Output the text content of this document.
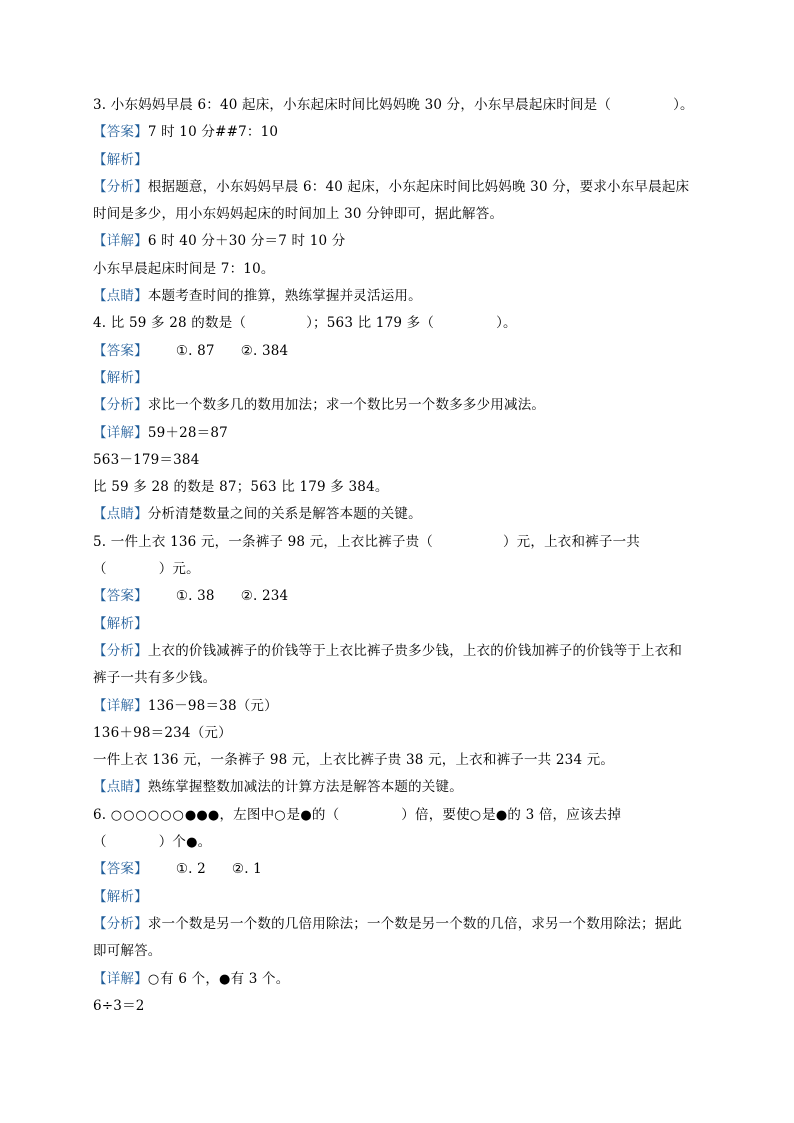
3. 小东妈妈早晨 6：40 起床，小东起床时间比妈妈晚 30 分，小东早晨起床时间是（	）。
【答案】7 时 10 分##7：10
【解析】
【分析】根据题意，小东妈妈早晨 6：40 起床，小东起床时间比妈妈晚 30 分，要求小东早晨起床
时间是多少，用小东妈妈起床的时间加上 30 分钟即可，据此解答。
【详解】6 时 40 分＋30 分＝7 时 10 分
小东早晨起床时间是 7：10。
【点睛】本题考查时间的推算，熟练掌握并灵活运用。
4. 比 59 多 28 的数是（	）；563 比 179 多（	）。
【答案】 ①. 87 ②. 384
【解析】
【分析】求比一个数多几的数用加法；求一个数比另一个数多多少用减法。
【详解】59＋28＝87
563－179＝384
比 59 多 28 的数是 87；563 比 179 多 384。
【点睛】分析清楚数量之间的关系是解答本题的关键。
5. 一件上衣 136 元，一条裤子 98 元，上衣比裤子贵（	）元，上衣和裤子一共
（	）元。
【答案】 ①. 38 ②. 234
【解析】
【分析】上衣的价钱减裤子的价钱等于上衣比裤子贵多少钱，上衣的价钱加裤子的价钱等于上衣和
裤子一共有多少钱。
【详解】136－98＝38（元）
136＋98＝234（元）
一件上衣 136 元，一条裤子 98 元，上衣比裤子贵 38 元，上衣和裤子一共 234 元。
【点睛】熟练掌握整数加减法的计算方法是解答本题的关键。
6. ○○○○○○●●●，左图中○是●的（	）倍，要使○是●的 3 倍，应该去掉
（	）个●。
【答案】 ①. 2 ②. 1
【解析】
【分析】求一个数是另一个数的几倍用除法；一个数是另一个数的几倍，求另一个数用除法；据此
即可解答。
【详解】○有 6 个，●有 3 个。
6÷3＝2
